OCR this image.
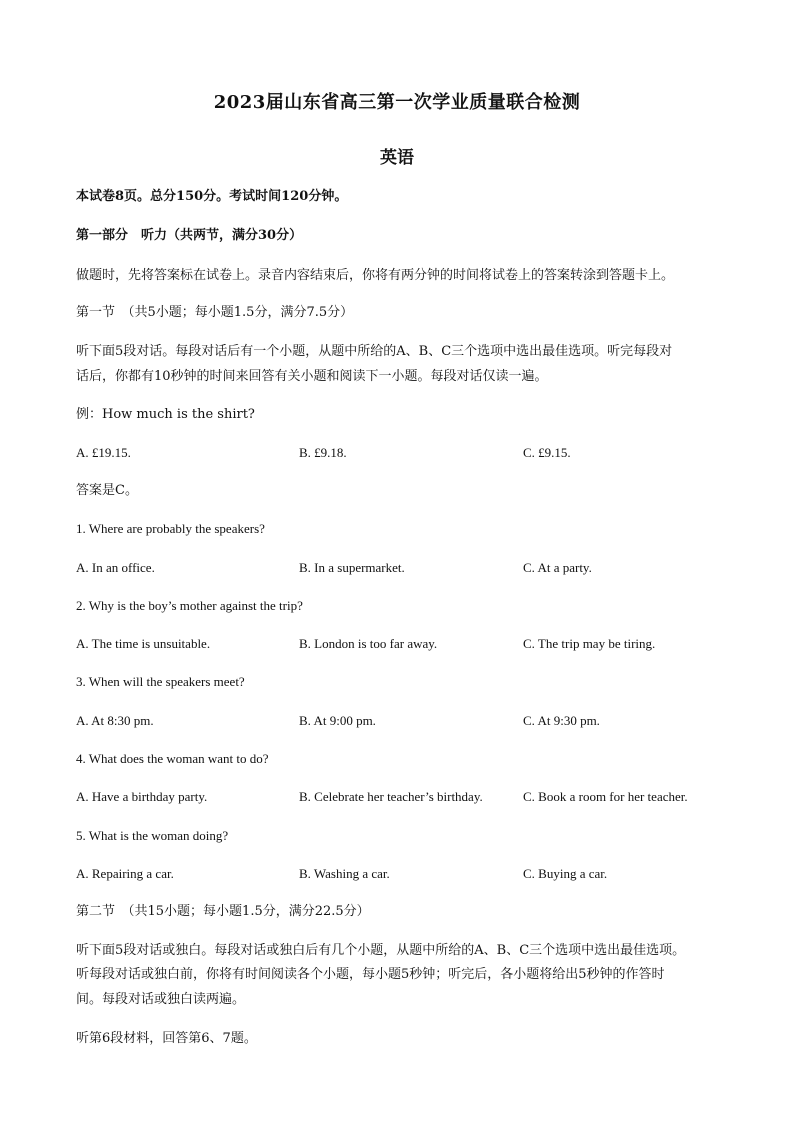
2023届山东省高三第一次学业质量联合检测
英语
本试卷8页。总分150分。考试时间120分钟。
第一部分　听力（共两节，满分30分）
做题时，先将答案标在试卷上。录音内容结束后，你将有两分钟的时间将试卷上的答案转涂到答题卡上。
第一节　（共5小题；每小题1.5分，满分7.5分）
听下面5段对话。每段对话后有一个小题，从题中所给的A、B、C三个选项中选出最佳选项。听完每段对
话后，你都有10秒钟的时间来回答有关小题和阅读下一小题。每段对话仅读一遍。
例：How much is the shirt?
A. £19.15.	B. £9.18.	C. £9.15.
答案是C。
1. Where are probably the speakers?
A. In an office.	B. In a supermarket.	C. At a party.
2. Why is the boy’s mother against the trip?
A. The time is unsuitable.	B. London is too far away.	C. The trip may be tiring.
3. When will the speakers meet?
A. At 8:30 pm.	B. At 9:00 pm.	C. At 9:30 pm.
4. What does the woman want to do?
A. Have a birthday party.	B. Celebrate her teacher’s birthday.	C. Book a room for her teacher.
5. What is the woman doing?
A. Repairing a car.	B. Washing a car.	C. Buying a car.
第二节　（共15小题；每小题1.5分，满分22.5分）
听下面5段对话或独白。每段对话或独白后有几个小题，从题中所给的A、B、C三个选项中选出最佳选项。
听每段对话或独白前，你将有时间阅读各个小题，每小题5秒钟；听完后，各小题将给出5秒钟的作答时
间。每段对话或独白读两遍。
听第6段材料，回答第6、7题。
